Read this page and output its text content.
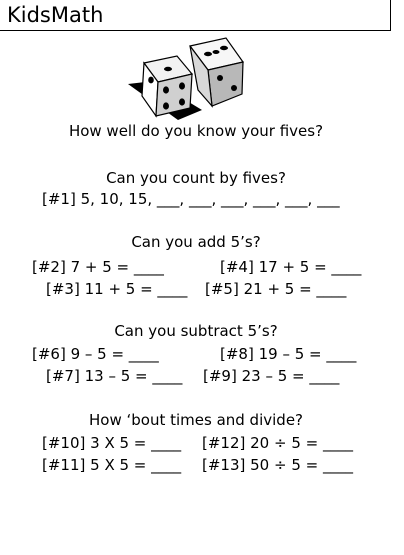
KidsMath
How well do you know your fives?
Can you count by fives?
[#1] 5, 10, 15, ___, ___, ___, ___, ___, ___
Can you add 5’s?
[#2] 7 + 5 = ____	[#4] 17 + 5 = ____
[#3] 11 + 5 = ____ [#5] 21 + 5 = ____
Can you subtract 5’s?
[#6] 9 – 5 = ____	[#8] 19 – 5 = ____
[#7] 13 – 5 = ____ [#9] 23 – 5 = ____
How ‘bout times and divide?
[#10] 3 X 5 = ____ [#12] 20 ÷ 5 = ____
[#11] 5 X 5 = ____ [#13] 50 ÷ 5 = ____
